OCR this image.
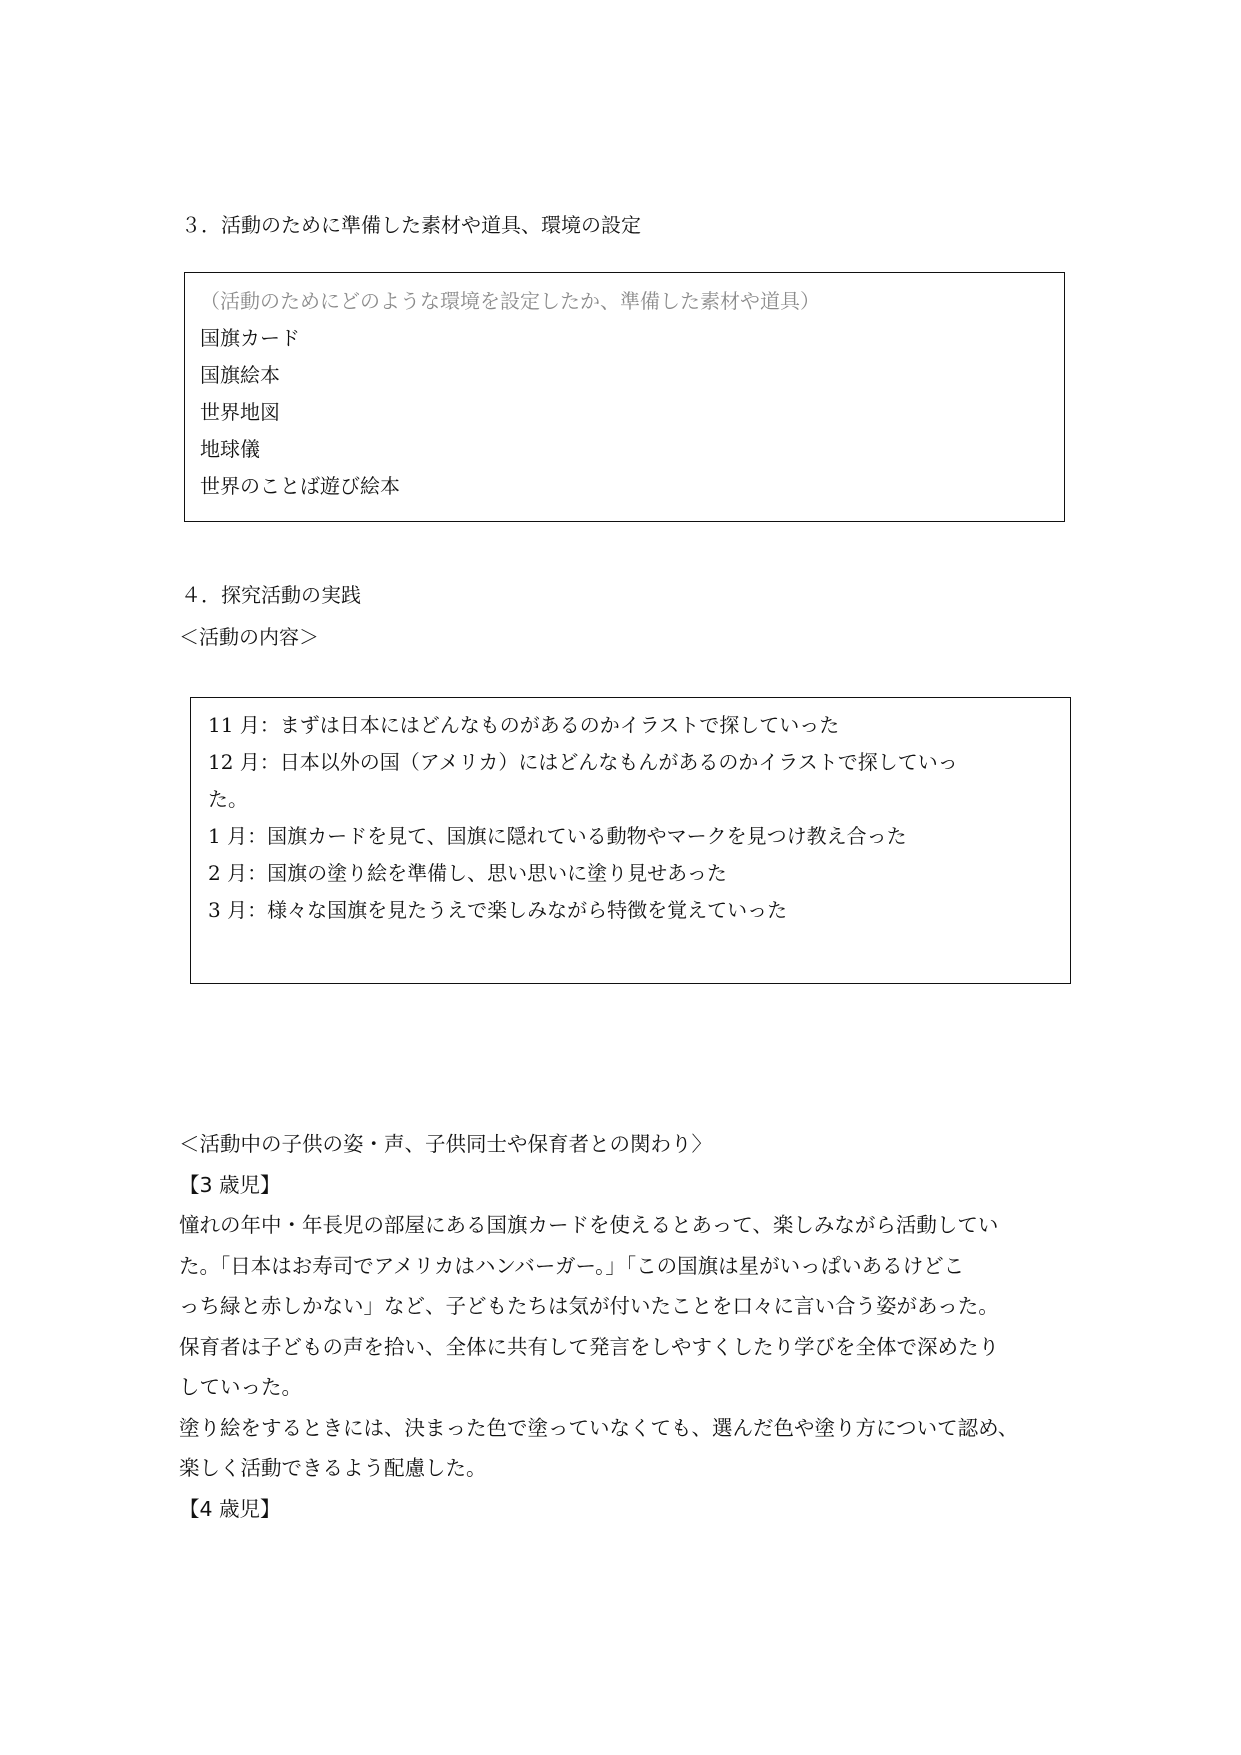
３．活動のために準備した素材や道具、環境の設定
（活動のためにどのような環境を設定したか、準備した素材や道具）
国旗カード
国旗絵本
世界地図
地球儀
世界のことば遊び絵本
４．探究活動の実践
＜活動の内容＞
11 月：まずは日本にはどんなものがあるのかイラストで探していった
12 月：日本以外の国（アメリカ）にはどんなもんがあるのかイラストで探していっ
た。
1 月：国旗カードを見て、国旗に隠れている動物やマークを見つけ教え合った
2 月：国旗の塗り絵を準備し、思い思いに塗り見せあった
3 月：様々な国旗を見たうえで楽しみながら特徴を覚えていった
＜活動中の子供の姿・声、子供同士や保育者との関わり〉
【3 歳児】
憧れの年中・年長児の部屋にある国旗カードを使えるとあって、楽しみながら活動してい
た。「日本はお寿司でアメリカはハンバーガー。」「この国旗は星がいっぱいあるけどこ
っち緑と赤しかない」など、子どもたちは気が付いたことを口々に言い合う姿があった。
保育者は子どもの声を拾い、全体に共有して発言をしやすくしたり学びを全体で深めたり
していった。
塗り絵をするときには、決まった色で塗っていなくても、選んだ色や塗り方について認め、
楽しく活動できるよう配慮した。
【4 歳児】
